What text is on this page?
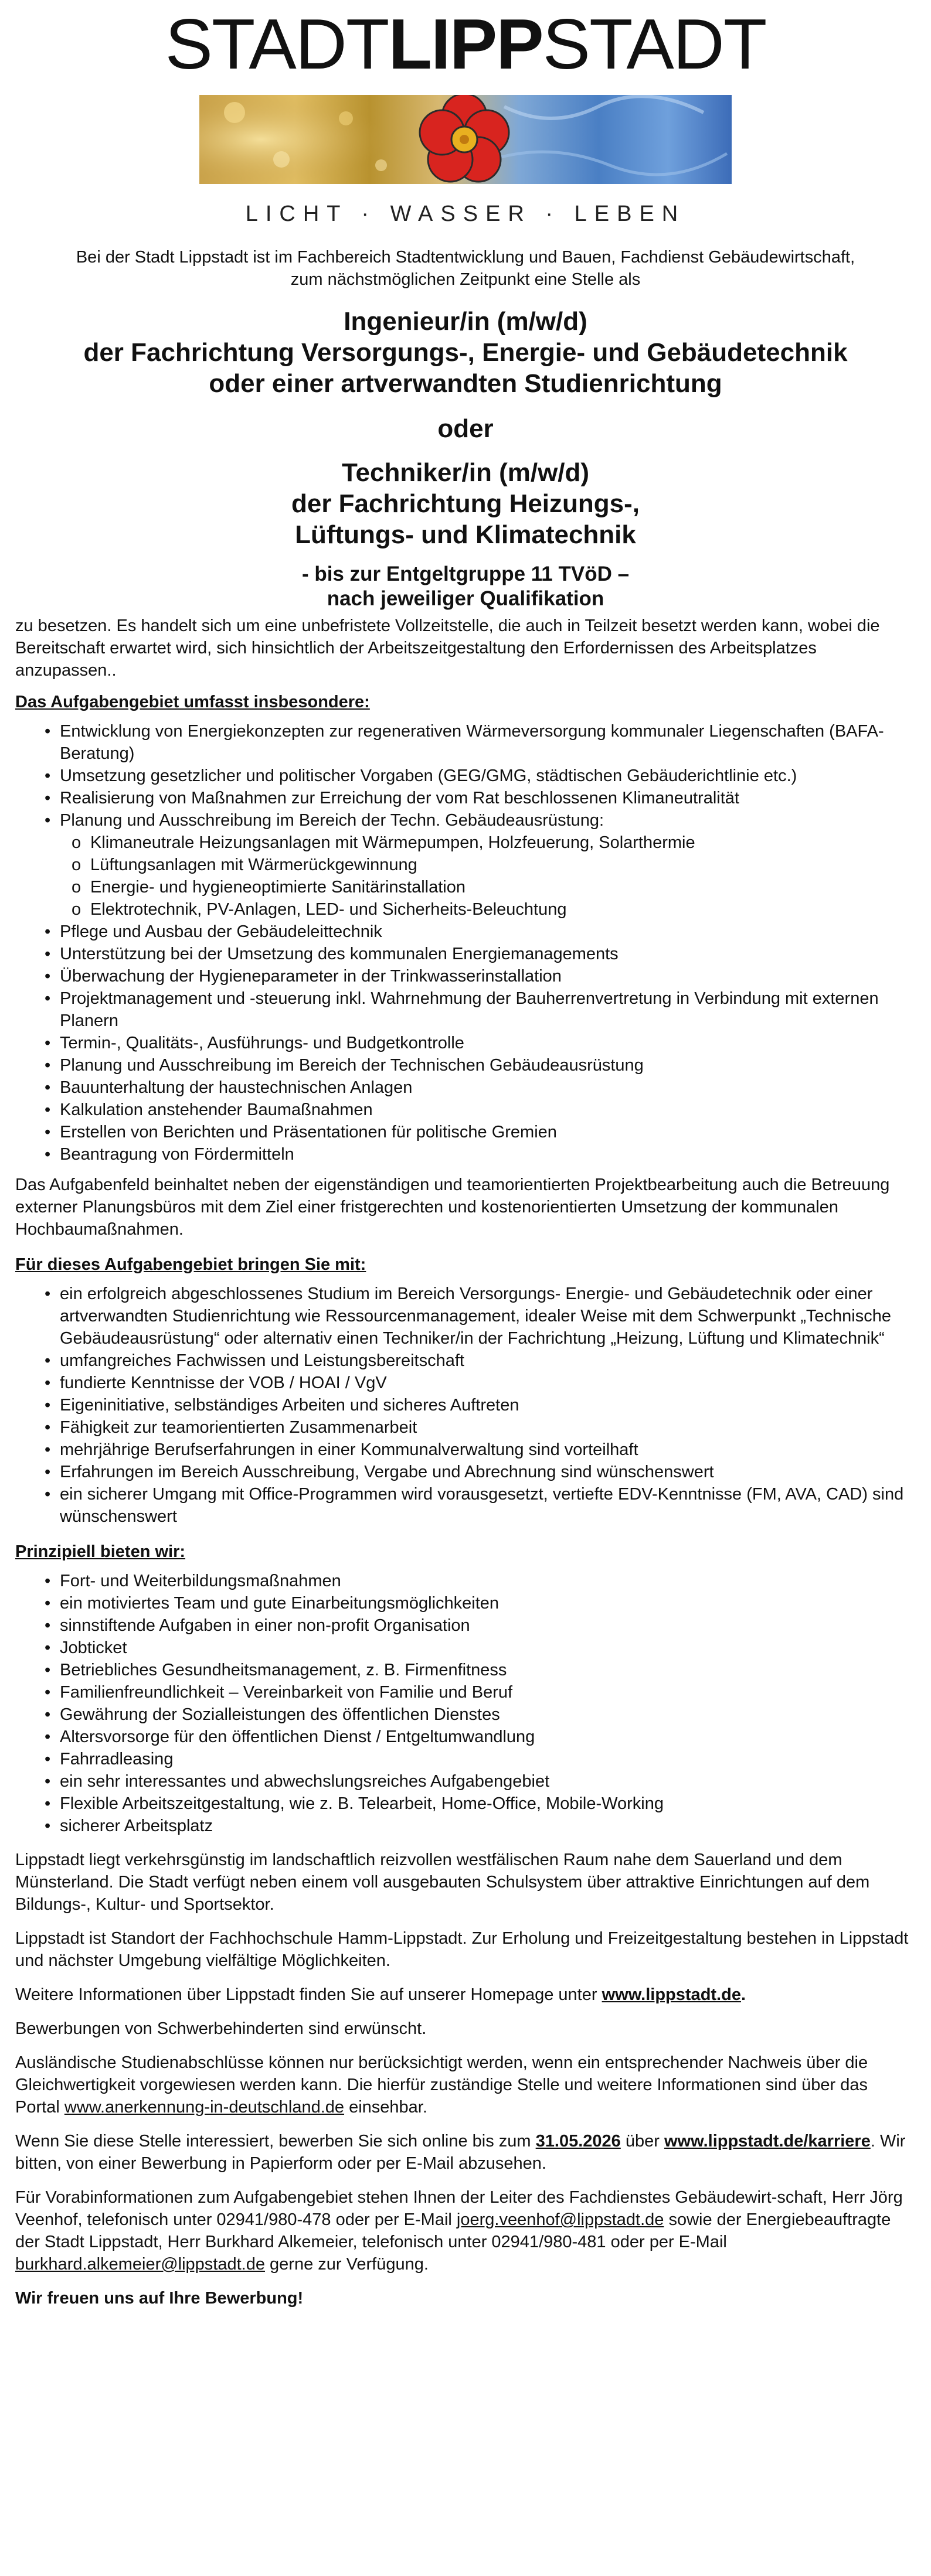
STADTLIPPSTADT
LICHT · WASSER · LEBEN
Bei der Stadt Lippstadt ist im Fachbereich Stadtentwicklung und Bauen, Fachdienst Gebäudewirtschaft,
zum nächstmöglichen Zeitpunkt eine Stelle als
Ingenieur/in (m/w/d)
der Fachrichtung Versorgungs-, Energie- und Gebäudetechnik
oder einer artverwandten Studienrichtung
oder
Techniker/in (m/w/d)
der Fachrichtung Heizungs-,
Lüftungs- und Klimatechnik
- bis zur Entgeltgruppe 11 TVöD –
nach jeweiliger Qualifikation

zu besetzen. Es handelt sich um eine unbefristete Vollzeitstelle, die auch in Teilzeit besetzt werden kann, wobei die Bereitschaft erwartet wird, sich hinsichtlich der Arbeitszeitgestaltung den Erfordernissen des Arbeitsplatzes anzupassen..

Das Aufgabengebiet umfasst insbesondere:
• Entwicklung von Energiekonzepten zur regenerativen Wärmeversorgung kommunaler Liegenschaften (BAFA-Beratung)
• Umsetzung gesetzlicher und politischer Vorgaben (GEG/GMG, städtischen Gebäuderichtlinie etc.)
• Realisierung von Maßnahmen zur Erreichung der vom Rat beschlossenen Klimaneutralität
• Planung und Ausschreibung im Bereich der Techn. Gebäudeausrüstung:
o Klimaneutrale Heizungsanlagen mit Wärmepumpen, Holzfeuerung, Solarthermie
o Lüftungsanlagen mit Wärmerückgewinnung
o Energie- und hygieneoptimierte Sanitärinstallation
o Elektrotechnik, PV-Anlagen, LED- und Sicherheits-Beleuchtung
• Pflege und Ausbau der Gebäudeleittechnik
• Unterstützung bei der Umsetzung des kommunalen Energiemanagements
• Überwachung der Hygieneparameter in der Trinkwasserinstallation
• Projektmanagement und -steuerung inkl. Wahrnehmung der Bauherrenvertretung in Verbindung mit externen Planern
• Termin-, Qualitäts-, Ausführungs- und Budgetkontrolle
• Planung und Ausschreibung im Bereich der Technischen Gebäudeausrüstung
• Bauunterhaltung der haustechnischen Anlagen
• Kalkulation anstehender Baumaßnahmen
• Erstellen von Berichten und Präsentationen für politische Gremien
• Beantragung von Fördermitteln

Das Aufgabenfeld beinhaltet neben der eigenständigen und teamorientierten Projektbearbeitung auch die Betreuung externer Planungsbüros mit dem Ziel einer fristgerechten und kostenorientierten Umsetzung der kommunalen Hochbaumaßnahmen.

Für dieses Aufgabengebiet bringen Sie mit:
• ein erfolgreich abgeschlossenes Studium im Bereich Versorgungs- Energie- und Gebäudetechnik oder einer artverwandten Studienrichtung wie Ressourcenmanagement, idealer Weise mit dem Schwerpunkt „Technische Gebäudeausrüstung“ oder alternativ einen Techniker/in der Fachrichtung „Heizung, Lüftung und Klimatechnik“
• umfangreiches Fachwissen und Leistungsbereitschaft
• fundierte Kenntnisse der VOB / HOAI / VgV
• Eigeninitiative, selbständiges Arbeiten und sicheres Auftreten
• Fähigkeit zur teamorientierten Zusammenarbeit
• mehrjährige Berufserfahrungen in einer Kommunalverwaltung sind vorteilhaft
• Erfahrungen im Bereich Ausschreibung, Vergabe und Abrechnung sind wünschenswert
• ein sicherer Umgang mit Office-Programmen wird vorausgesetzt, vertiefte EDV-Kenntnisse (FM, AVA, CAD) sind wünschenswert
Prinzipiell bieten wir:
• Fort- und Weiterbildungsmaßnahmen
• ein motiviertes Team und gute Einarbeitungsmöglichkeiten
• sinnstiftende Aufgaben in einer non-profit Organisation
• Jobticket
• Betriebliches Gesundheitsmanagement, z. B. Firmenfitness
• Familienfreundlichkeit – Vereinbarkeit von Familie und Beruf
• Gewährung der Sozialleistungen des öffentlichen Dienstes
• Altersvorsorge für den öffentlichen Dienst / Entgeltumwandlung
• Fahrradleasing
• ein sehr interessantes und abwechslungsreiches Aufgabengebiet
• Flexible Arbeitszeitgestaltung, wie z. B. Telearbeit, Home-Office, Mobile-Working
• sicherer Arbeitsplatz

Lippstadt liegt verkehrsgünstig im landschaftlich reizvollen westfälischen Raum nahe dem Sauerland und dem Münsterland. Die Stadt verfügt neben einem voll ausgebauten Schulsystem über attraktive Einrichtungen auf dem Bildungs-, Kultur- und Sportsektor.

Lippstadt ist Standort der Fachhochschule Hamm-Lippstadt. Zur Erholung und Freizeitgestaltung bestehen in Lippstadt und nächster Umgebung vielfältige Möglichkeiten.

Weitere Informationen über Lippstadt finden Sie auf unserer Homepage unter www.lippstadt.de.

Bewerbungen von Schwerbehinderten sind erwünscht.

Ausländische Studienabschlüsse können nur berücksichtigt werden, wenn ein entsprechender Nachweis über die Gleichwertigkeit vorgewiesen werden kann. Die hierfür zuständige Stelle und weitere Informationen sind über das Portal www.anerkennung-in-deutschland.de einsehbar.

Wenn Sie diese Stelle interessiert, bewerben Sie sich online bis zum 31.05.2026 über www.lippstadt.de/karriere. Wir bitten, von einer Bewerbung in Papierform oder per E-Mail abzusehen.

Für Vorabinformationen zum Aufgabengebiet stehen Ihnen der Leiter des Fachdienstes Gebäudewirt-schaft, Herr Jörg Veenhof, telefonisch unter 02941/980-478 oder per E-Mail joerg.veenhof@lippstadt.de sowie der Energiebeauftragte der Stadt Lippstadt, Herr Burkhard Alkemeier, telefonisch unter 02941/980-481 oder per E-Mail burkhard.alkemeier@lippstadt.de gerne zur Verfügung.

Wir freuen uns auf Ihre Bewerbung!
